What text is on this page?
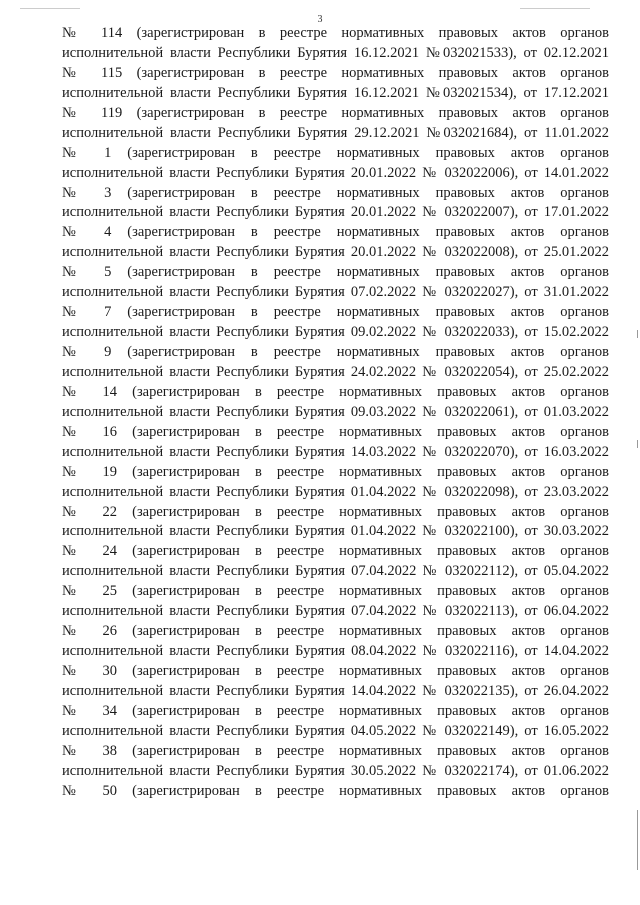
3
№ 114 (зарегистрирован в реестре нормативных правовых актов органов
исполнительной власти Республики Бурятия 16.12.2021 №032021533), от 02.12.2021
№ 115 (зарегистрирован в реестре нормативных правовых актов органов
исполнительной власти Республики Бурятия 16.12.2021 №032021534), от 17.12.2021
№ 119 (зарегистрирован в реестре нормативных правовых актов органов
исполнительной власти Республики Бурятия 29.12.2021 №032021684), от 11.01.2022
№ 1 (зарегистрирован в реестре нормативных правовых актов органов
исполнительной власти Республики Бурятия 20.01.2022 № 032022006), от 14.01.2022
№ 3 (зарегистрирован в реестре нормативных правовых актов органов
исполнительной власти Республики Бурятия 20.01.2022 № 032022007), от 17.01.2022
№ 4 (зарегистрирован в реестре нормативных правовых актов органов
исполнительной власти Республики Бурятия 20.01.2022 № 032022008), от 25.01.2022
№ 5 (зарегистрирован в реестре нормативных правовых актов органов
исполнительной власти Республики Бурятия 07.02.2022 № 032022027), от 31.01.2022
№ 7 (зарегистрирован в реестре нормативных правовых актов органов
исполнительной власти Республики Бурятия 09.02.2022 № 032022033), от 15.02.2022
№ 9 (зарегистрирован в реестре нормативных правовых актов органов
исполнительной власти Республики Бурятия 24.02.2022 № 032022054), от 25.02.2022
№ 14 (зарегистрирован в реестре нормативных правовых актов органов
исполнительной власти Республики Бурятия 09.03.2022 № 032022061), от 01.03.2022
№ 16 (зарегистрирован в реестре нормативных правовых актов органов
исполнительной власти Республики Бурятия 14.03.2022 № 032022070), от 16.03.2022
№ 19 (зарегистрирован в реестре нормативных правовых актов органов
исполнительной власти Республики Бурятия 01.04.2022 № 032022098), от 23.03.2022
№ 22 (зарегистрирован в реестре нормативных правовых актов органов
исполнительной власти Республики Бурятия 01.04.2022 № 032022100), от 30.03.2022
№ 24 (зарегистрирован в реестре нормативных правовых актов органов
исполнительной власти Республики Бурятия 07.04.2022 № 032022112), от 05.04.2022
№ 25 (зарегистрирован в реестре нормативных правовых актов органов
исполнительной власти Республики Бурятия 07.04.2022 № 032022113), от 06.04.2022
№ 26 (зарегистрирован в реестре нормативных правовых актов органов
исполнительной власти Республики Бурятия 08.04.2022 № 032022116), от 14.04.2022
№ 30 (зарегистрирован в реестре нормативных правовых актов органов
исполнительной власти Республики Бурятия 14.04.2022 № 032022135), от 26.04.2022
№ 34 (зарегистрирован в реестре нормативных правовых актов органов
исполнительной власти Республики Бурятия 04.05.2022 № 032022149), от 16.05.2022
№ 38 (зарегистрирован в реестре нормативных правовых актов органов
исполнительной власти Республики Бурятия 30.05.2022 № 032022174), от 01.06.2022
№ 50 (зарегистрирован в реестре нормативных правовых актов органов
